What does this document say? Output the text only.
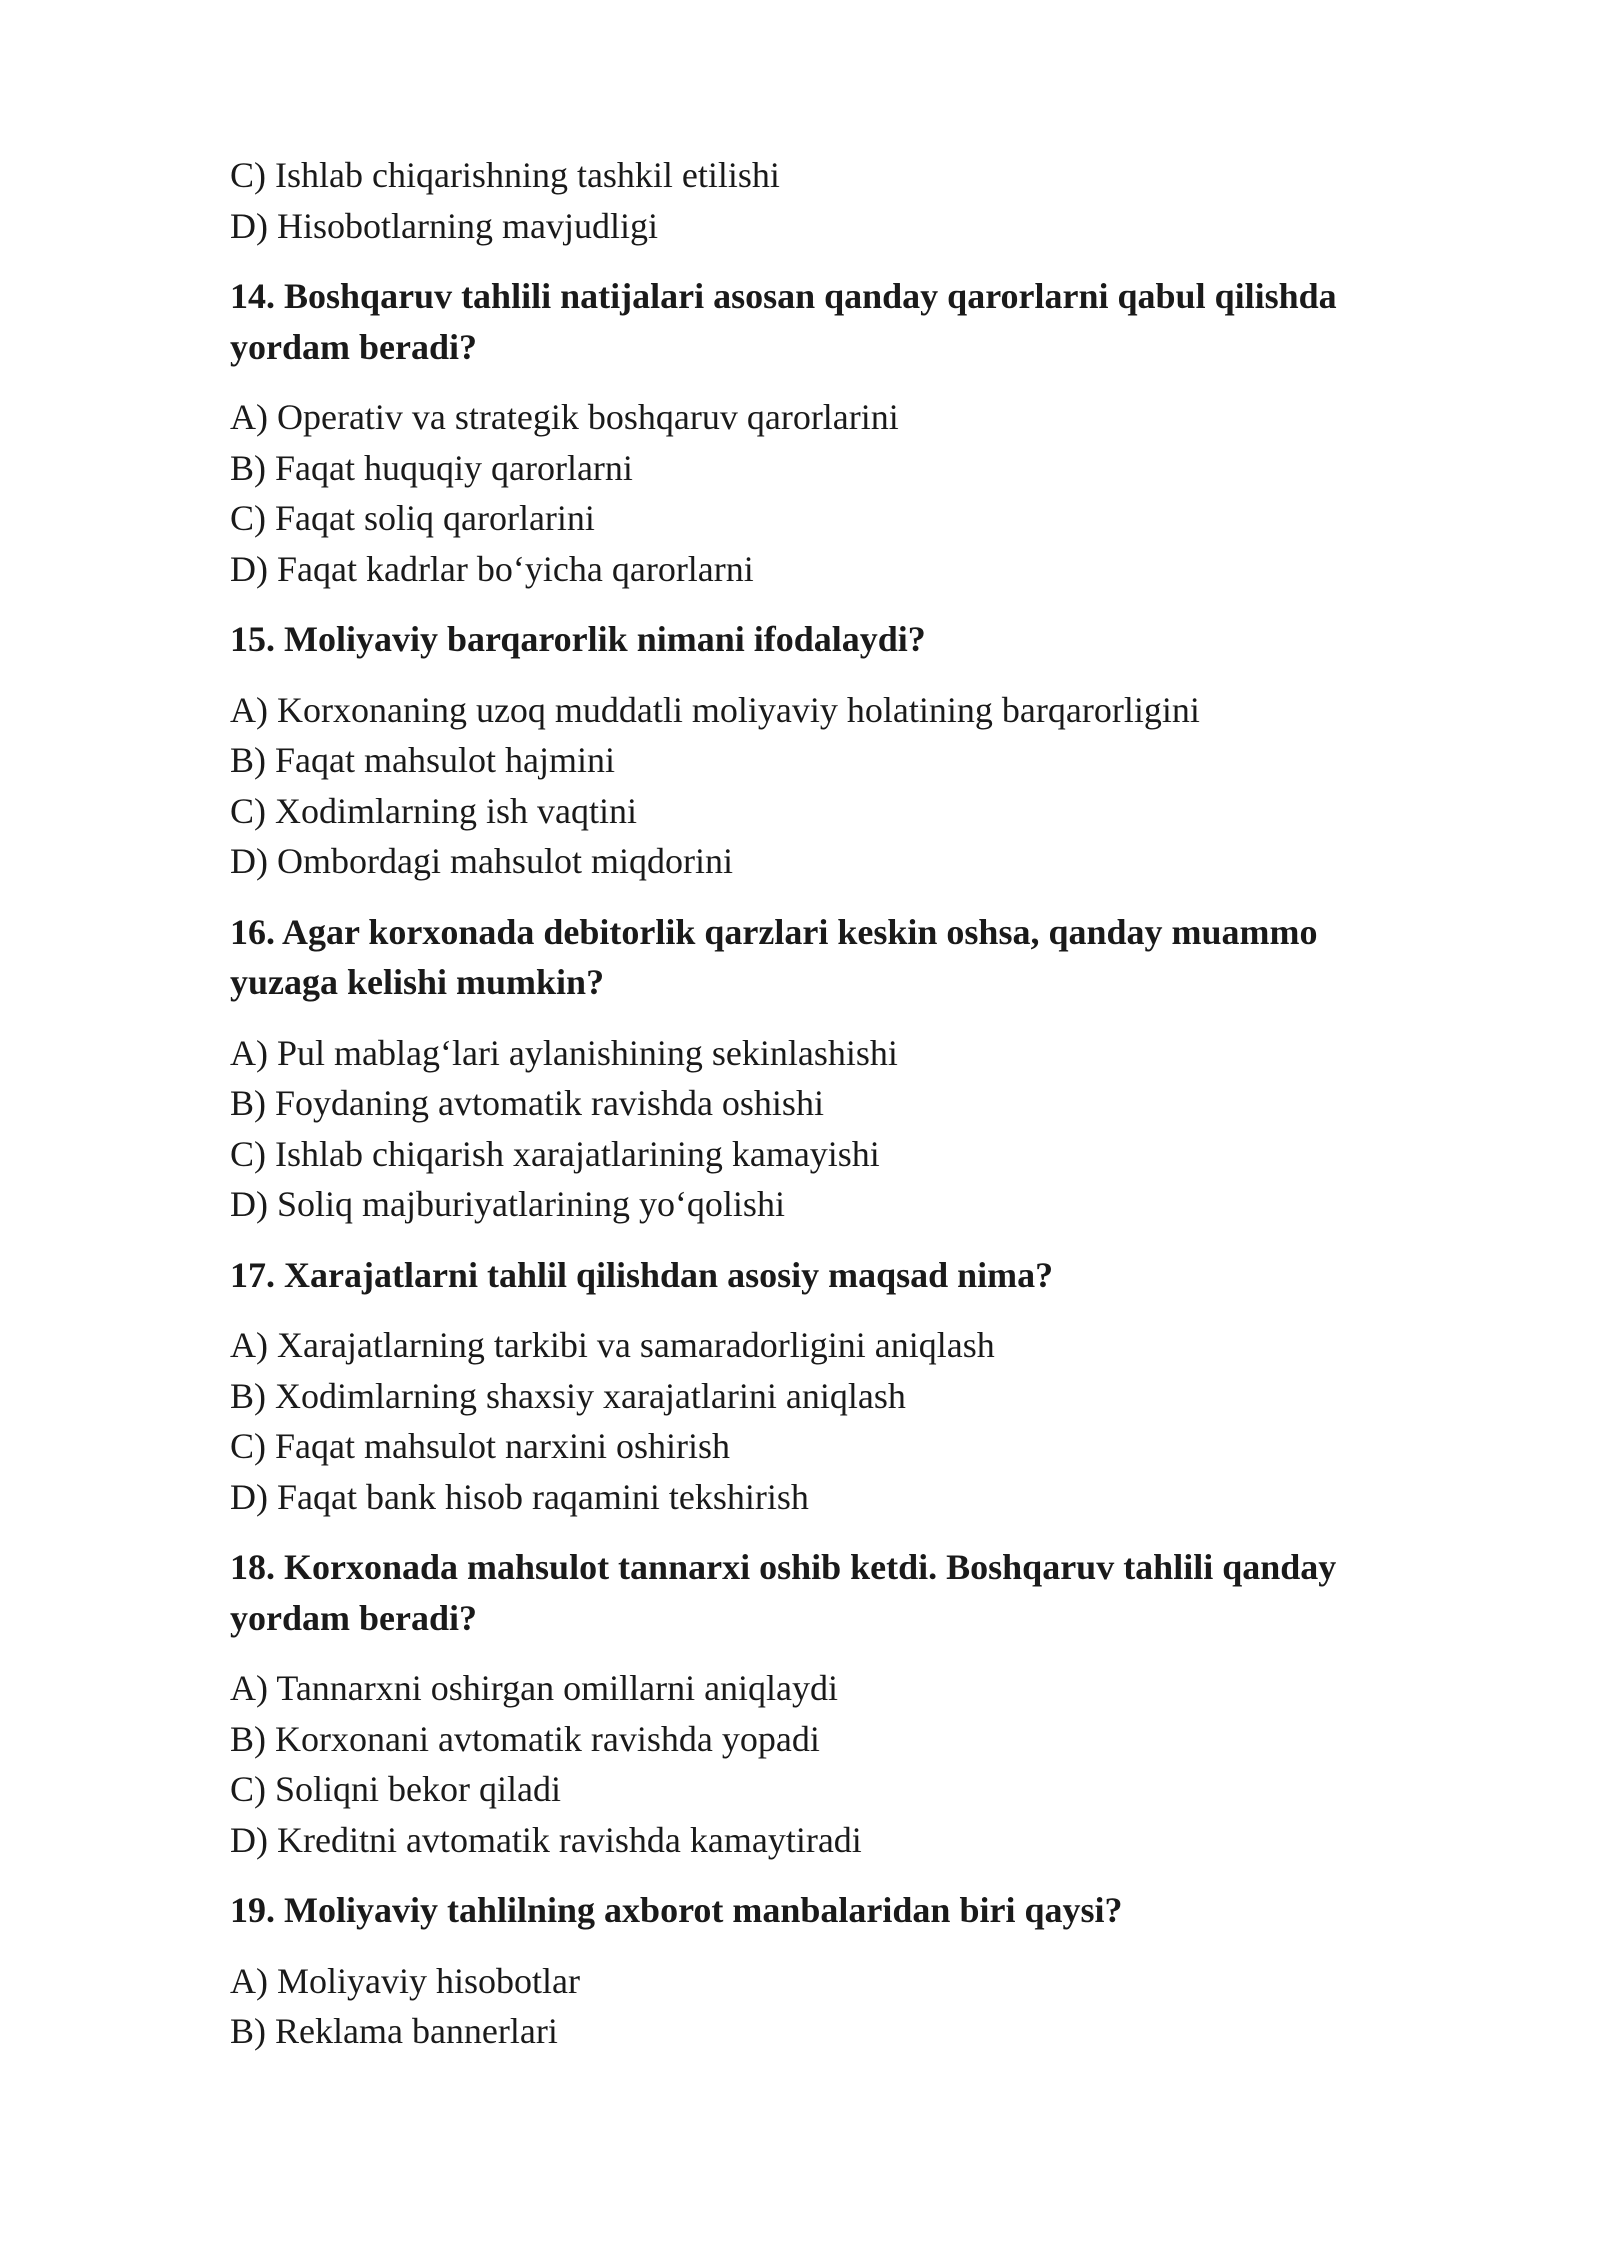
C) Ishlab chiqarishning tashkil etilishi
D) Hisobotlarning mavjudligi
14. Boshqaruv tahlili natijalari asosan qanday qarorlarni qabul qilishda yordam beradi?
A) Operativ va strategik boshqaruv qarorlarini
B) Faqat huquqiy qarorlarni
C) Faqat soliq qarorlarini
D) Faqat kadrlar bo‘yicha qarorlarni
15. Moliyaviy barqarorlik nimani ifodalaydi?
A) Korxonaning uzoq muddatli moliyaviy holatining barqarorligini
B) Faqat mahsulot hajmini
C) Xodimlarning ish vaqtini
D) Ombordagi mahsulot miqdorini
16. Agar korxonada debitorlik qarzlari keskin oshsa, qanday muammo yuzaga kelishi mumkin?
A) Pul mablag‘lari aylanishining sekinlashishi
B) Foydaning avtomatik ravishda oshishi
C) Ishlab chiqarish xarajatlarining kamayishi
D) Soliq majburiyatlarining yo‘qolishi
17. Xarajatlarni tahlil qilishdan asosiy maqsad nima?
A) Xarajatlarning tarkibi va samaradorligini aniqlash
B) Xodimlarning shaxsiy xarajatlarini aniqlash
C) Faqat mahsulot narxini oshirish
D) Faqat bank hisob raqamini tekshirish
18. Korxonada mahsulot tannarxi oshib ketdi. Boshqaruv tahlili qanday yordam beradi?
A) Tannarxni oshirgan omillarni aniqlaydi
B) Korxonani avtomatik ravishda yopadi
C) Soliqni bekor qiladi
D) Kreditni avtomatik ravishda kamaytiradi
19. Moliyaviy tahlilning axborot manbalaridan biri qaysi?
A) Moliyaviy hisobotlar
B) Reklama bannerlari
